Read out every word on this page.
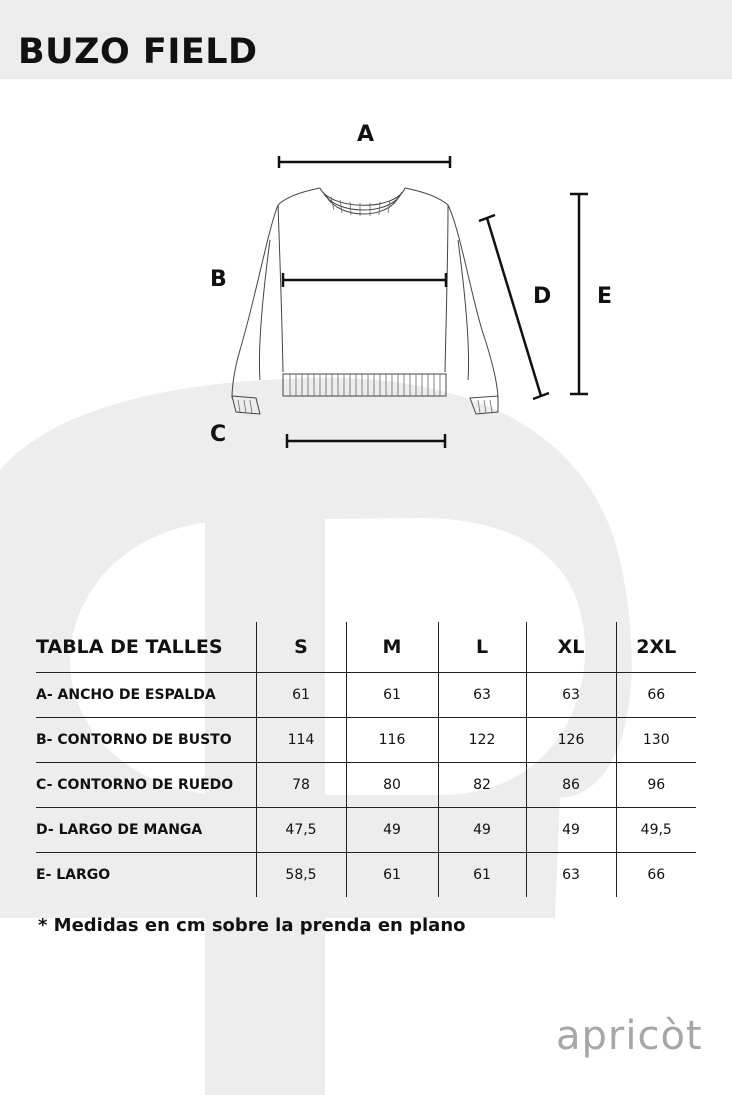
BUZO FIELD
A
B
C
D E
TABLA DE TALLES	S	M	L	XL	2XL
A- ANCHO DE ESPALDA	61	61	63	63	66
B- CONTORNO DE BUSTO	114	116	122	126	130
C- CONTORNO DE RUEDO	78	80	82	86	96
D- LARGO DE MANGA	47,5	49	49	49	49,5
E- LARGO	58,5	61	61	63	66
* Medidas en cm sobre la prenda en plano
apricòt
